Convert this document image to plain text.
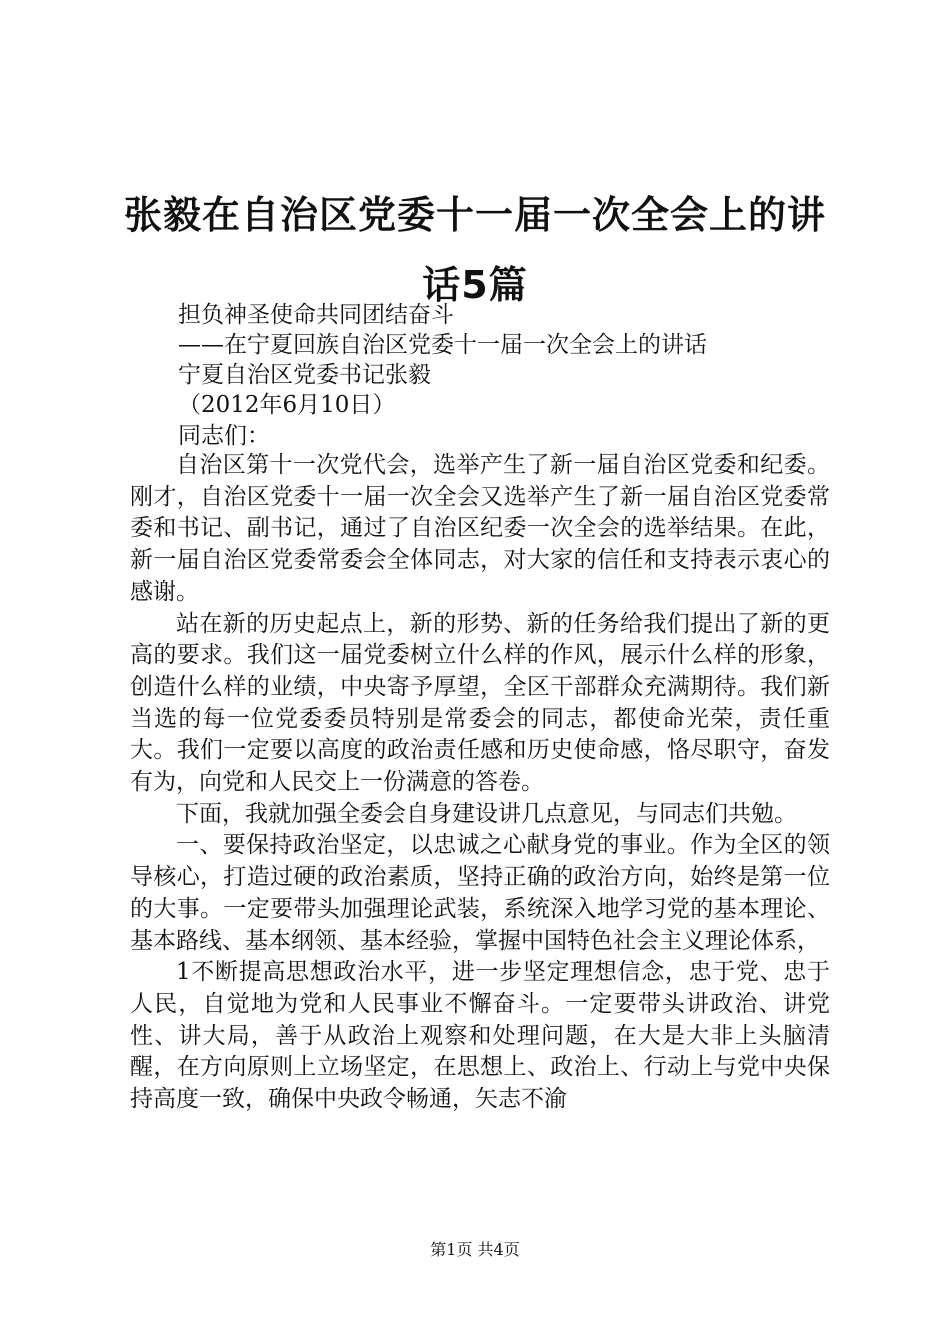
张毅在自治区党委十一届一次全会上的讲话5篇

担负神圣使命共同团结奋斗

——在宁夏回族自治区党委十一届一次全会上的讲话

宁夏自治区党委书记张毅

（2012年6月10日）

同志们：

自治区第十一次党代会，选举产生了新一届自治区党委和纪委。刚才，自治区党委十一届一次全会又选举产生了新一届自治区党委常委和书记、副书记，通过了自治区纪委一次全会的选举结果。在此，新一届自治区党委常委会全体同志，对大家的信任和支持表示衷心的感谢。

站在新的历史起点上，新的形势、新的任务给我们提出了新的更高的要求。我们这一届党委树立什么样的作风，展示什么样的形象，创造什么样的业绩，中央寄予厚望，全区干部群众充满期待。我们新当选的每一位党委委员特别是常委会的同志，都使命光荣，责任重大。我们一定要以高度的政治责任感和历史使命感，恪尽职守，奋发有为，向党和人民交上一份满意的答卷。

下面，我就加强全委会自身建设讲几点意见，与同志们共勉。

一、要保持政治坚定，以忠诚之心献身党的事业。作为全区的领导核心，打造过硬的政治素质，坚持正确的政治方向，始终是第一位的大事。一定要带头加强理论武装，系统深入地学习党的基本理论、基本路线、基本纲领、基本经验，掌握中国特色社会主义理论体系，

1不断提高思想政治水平，进一步坚定理想信念，忠于党、忠于人民，自觉地为党和人民事业不懈奋斗。一定要带头讲政治、讲党性、讲大局，善于从政治上观察和处理问题，在大是大非上头脑清醒，在方向原则上立场坚定，在思想上、政治上、行动上与党中央保持高度一致，确保中央政令畅通，矢志不渝

第1页 共4页
